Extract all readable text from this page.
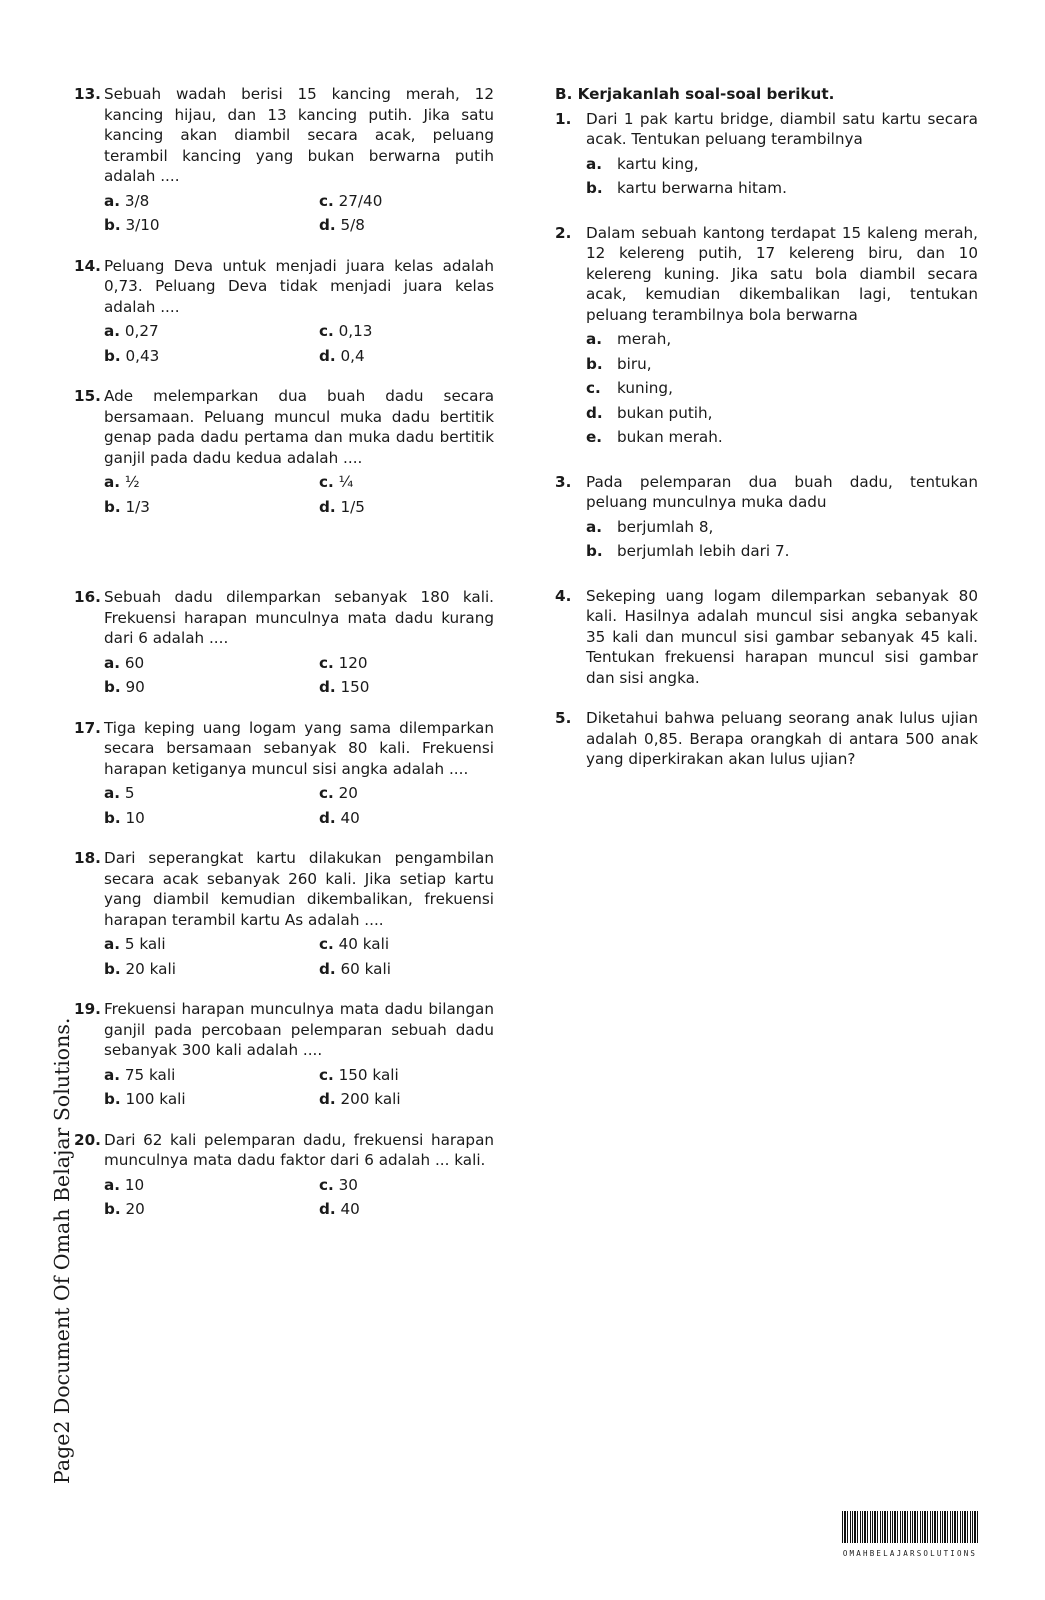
13. Sebuah wadah berisi 15 kancing merah, 12 kancing hijau, dan 13 kancing putih. Jika satu kancing akan diambil secara acak, peluang terambil kancing yang bukan berwarna putih adalah ....
a. 3/8	c. 27/40
b. 3/10	d. 5/8
14. Peluang Deva untuk menjadi juara kelas adalah 0,73. Peluang Deva tidak menjadi juara kelas adalah ....
a. 0,27	c. 0,13
b. 0,43	d. 0,4
15. Ade melemparkan dua buah dadu secara bersamaan. Peluang muncul muka dadu bertitik genap pada dadu pertama dan muka dadu bertitik ganjil pada dadu kedua adalah ....
a. ½	c. ¼
b. 1/3	d. 1/5
16. Sebuah dadu dilemparkan sebanyak 180 kali. Frekuensi harapan munculnya mata dadu kurang dari 6 adalah ....
a. 60	c. 120
b. 90	d. 150
17. Tiga keping uang logam yang sama dilemparkan secara bersamaan sebanyak 80 kali. Frekuensi harapan ketiganya muncul sisi angka adalah ....
a. 5	c. 20
b. 10	d. 40
18. Dari seperangkat kartu dilakukan pengambilan secara acak sebanyak 260 kali. Jika setiap kartu yang diambil kemudian dikembalikan, frekuensi harapan terambil kartu As adalah ....
a. 5 kali	c. 40 kali
b. 20 kali	d. 60 kali
19. Frekuensi harapan munculnya mata dadu bilangan ganjil pada percobaan pelemparan sebuah dadu sebanyak 300 kali adalah ....
a. 75 kali	c. 150 kali
b. 100 kali	d. 200 kali
20. Dari 62 kali pelemparan dadu, frekuensi harapan munculnya mata dadu faktor dari 6 adalah ... kali.
a. 10	c. 30
b. 20	d. 40
B. Kerjakanlah soal-soal berikut.
1. Dari 1 pak kartu bridge, diambil satu kartu secara acak. Tentukan peluang terambilnya
a. kartu king,
b. kartu berwarna hitam.
2. Dalam sebuah kantong terdapat 15 kaleng merah, 12 kelereng putih, 17 kelereng biru, dan 10 kelereng kuning. Jika satu bola diambil secara acak, kemudian dikembalikan lagi, tentukan peluang terambilnya bola berwarna
a. merah,
b. biru,
c.	kuning,
d. bukan putih,
e. bukan merah.
3. Pada pelemparan dua buah dadu, tentukan peluang munculnya muka dadu
a. berjumlah 8,
b. berjumlah lebih dari 7.
4. Sekeping uang logam dilemparkan sebanyak 80 kali. Hasilnya adalah muncul sisi angka sebanyak 35 kali dan muncul sisi gambar sebanyak 45 kali. Tentukan frekuensi harapan muncul sisi gambar dan sisi angka.
5. Diketahui bahwa peluang seorang anak lulus ujian adalah 0,85. Berapa orangkah di antara 500 anak yang diperkirakan akan lulus ujian?
Page2 Document Of Omah Belajar Solutions.
OMAHBELAJARSOLUTIONS
